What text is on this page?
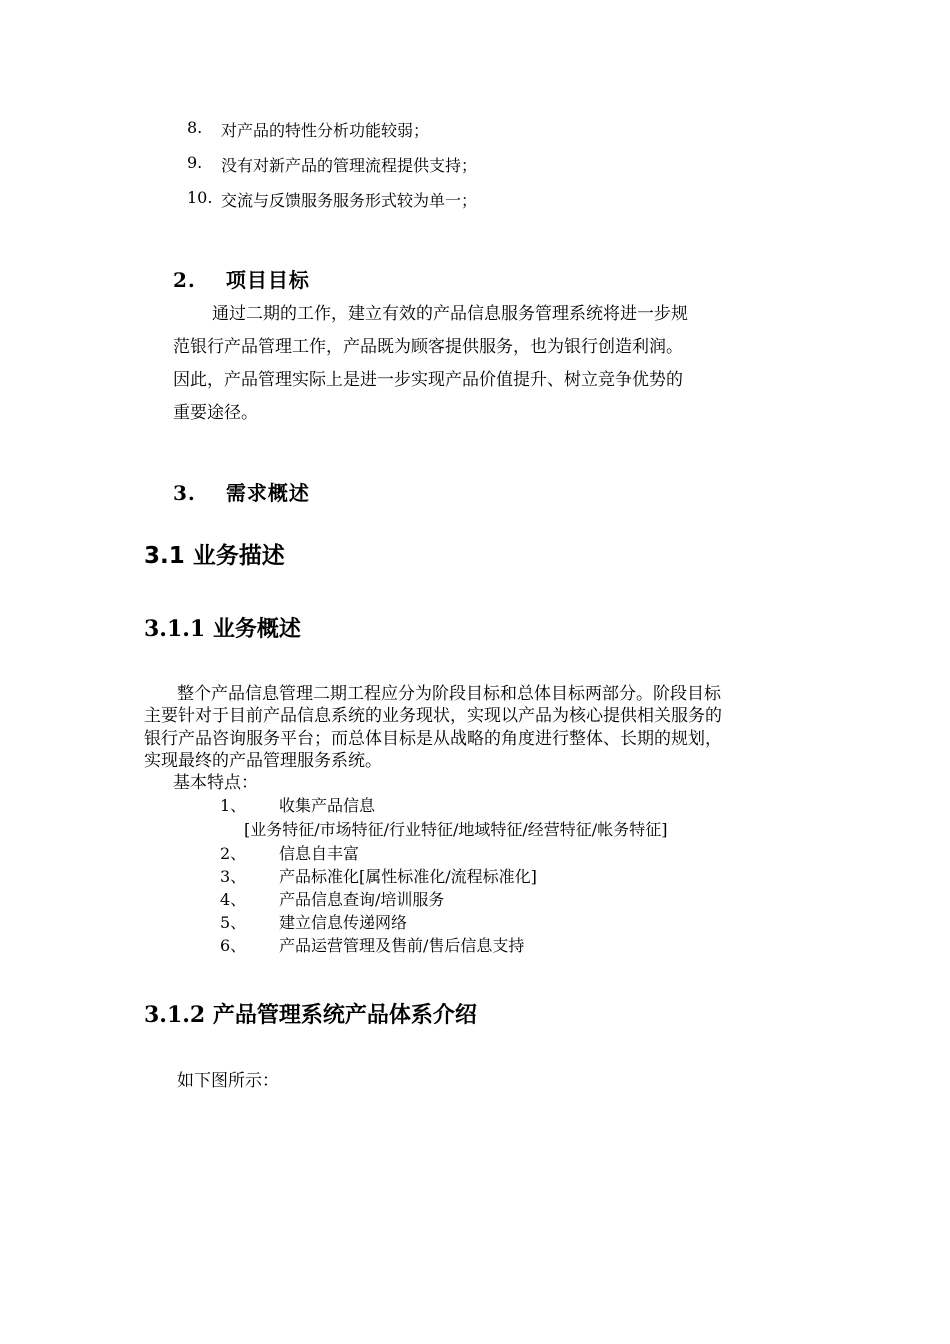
8. 对产品的特性分析功能较弱；
9. 没有对新产品的管理流程提供支持；
10. 交流与反馈服务服务形式较为单一；
2. 项目目标
通过二期的工作，建立有效的产品信息服务管理系统将进一步规
范银行产品管理工作，产品既为顾客提供服务，也为银行创造利润。
因此，产品管理实际上是进一步实现产品价值提升、树立竞争优势的
重要途径。
3. 需求概述
3.1 业务描述
3.1.1 业务概述
整个产品信息管理二期工程应分为阶段目标和总体目标两部分。阶段目标
主要针对于目前产品信息系统的业务现状，实现以产品为核心提供相关服务的
银行产品咨询服务平台；而总体目标是从战略的角度进行整体、长期的规划，
实现最终的产品管理服务系统。
基本特点：
1、 收集产品信息
[业务特征/市场特征/行业特征/地域特征/经营特征/帐务特征]
2、 信息自丰富
3、 产品标准化[属性标准化/流程标准化]
4、 产品信息查询/培训服务
5、 建立信息传递网络
6、 产品运营管理及售前/售后信息支持
3.1.2 产品管理系统产品体系介绍
如下图所示：
